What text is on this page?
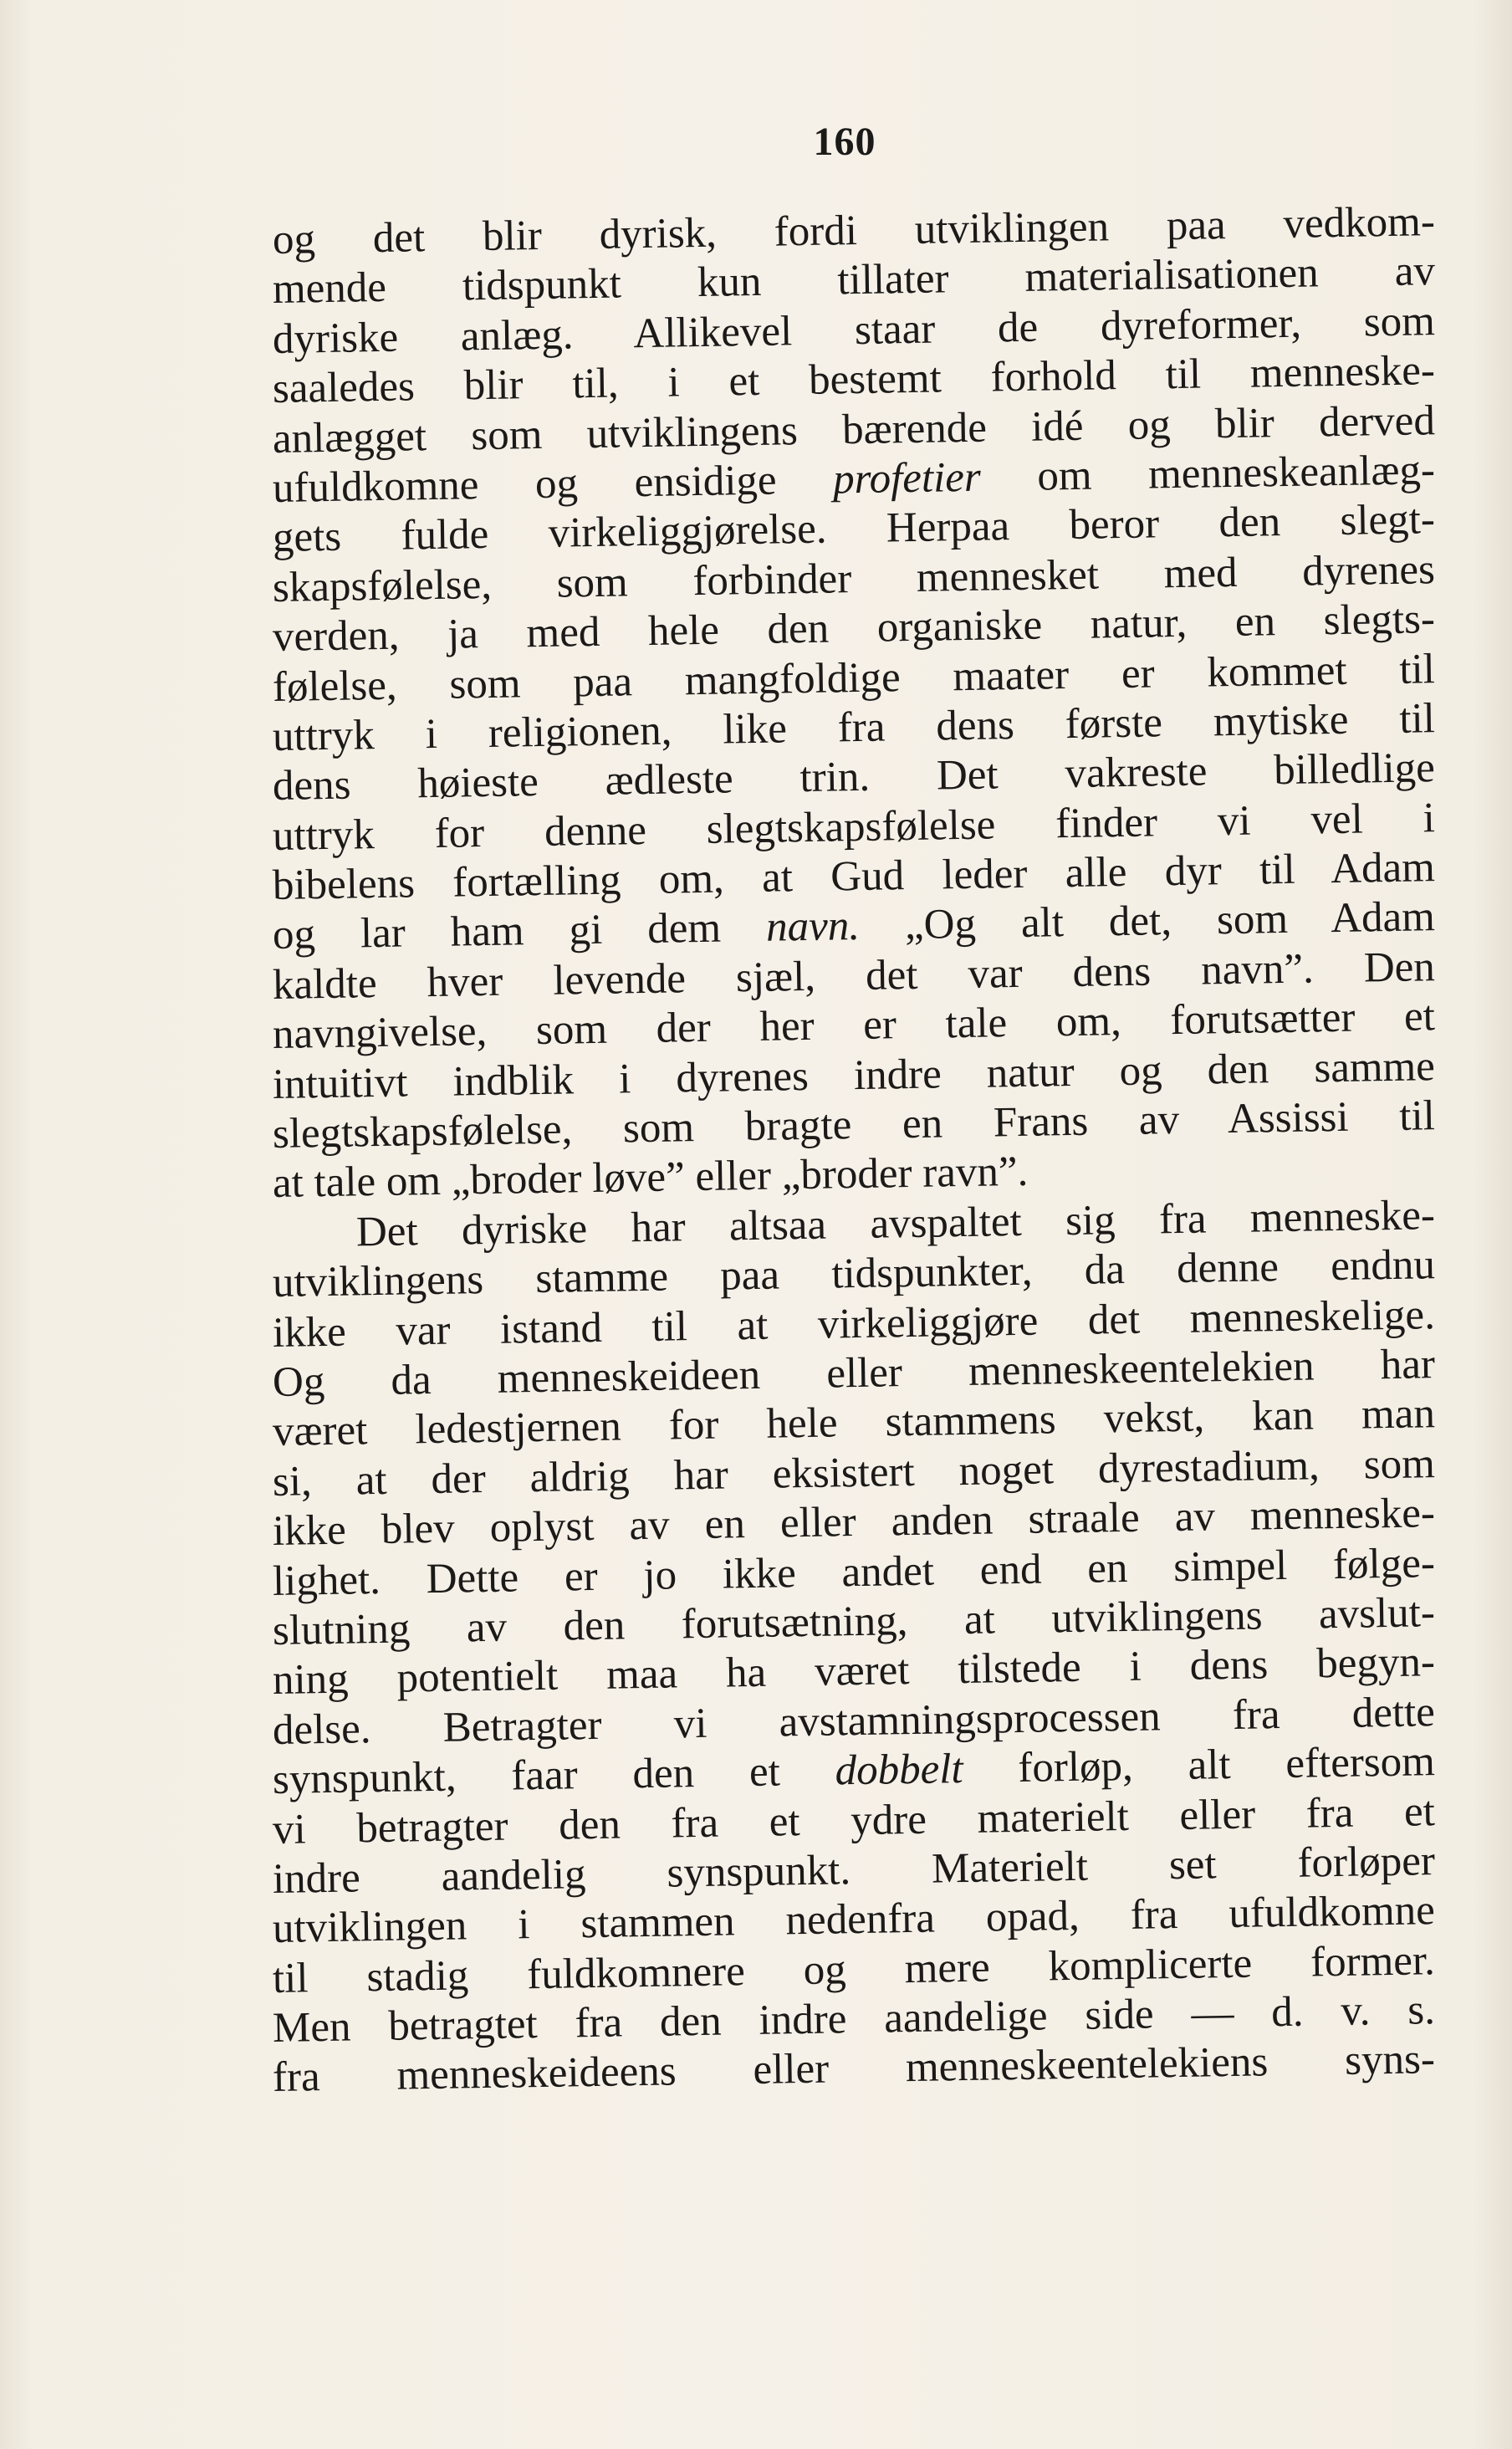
160
og det blir dyrisk, fordi utviklingen paa vedkom-
mende tidspunkt kun tillater materialisationen av
dyriske anlæg. Allikevel staar de dyreformer, som
saaledes blir til, i et bestemt forhold til menneske-
anlægget som utviklingens bærende idé og blir derved
ufuldkomne og ensidige profetier om menneskeanlæg-
gets fulde virkeliggjørelse. Herpaa beror den slegt-
skapsfølelse, som forbinder mennesket med dyrenes
verden, ja med hele den organiske natur, en slegts-
følelse, som paa mangfoldige maater er kommet til
uttryk i religionen, like fra dens første mytiske til
dens høieste ædleste trin. Det vakreste billedlige
uttryk for denne slegtskapsfølelse finder vi vel i
bibelens fortælling om, at Gud leder alle dyr til Adam
og lar ham gi dem navn. „Og alt det, som Adam
kaldte hver levende sjæl, det var dens navn”. Den
navngivelse, som der her er tale om, forutsætter et
intuitivt indblik i dyrenes indre natur og den samme
slegtskapsfølelse, som bragte en Frans av Assissi til
at tale om „broder løve” eller „broder ravn”.
Det dyriske har altsaa avspaltet sig fra menneske-
utviklingens stamme paa tidspunkter, da denne endnu
ikke var istand til at virkeliggjøre det menneskelige.
Og da menneskeideen eller menneskeentelekien har
været ledestjernen for hele stammens vekst, kan man
si, at der aldrig har eksistert noget dyrestadium, som
ikke blev oplyst av en eller anden straale av menneske-
lighet. Dette er jo ikke andet end en simpel følge-
slutning av den forutsætning, at utviklingens avslut-
ning potentielt maa ha været tilstede i dens begyn-
delse. Betragter vi avstamningsprocessen fra dette
synspunkt, faar den et dobbelt forløp, alt eftersom
vi betragter den fra et ydre materielt eller fra et
indre aandelig synspunkt. Materielt set forløper
utviklingen i stammen nedenfra opad, fra ufuldkomne
til stadig fuldkomnere og mere komplicerte former.
Men betragtet fra den indre aandelige side — d. v. s.
fra menneskeideens eller menneskeentelekiens syns-
